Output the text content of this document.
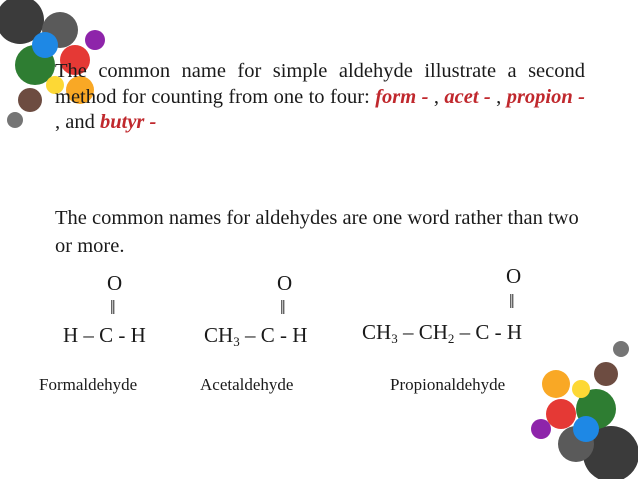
The common name for simple aldehyde illustrate a second method for counting from one to four: form - , acet - , propion - , and butyr -
The common names for aldehydes are one word rather than two or more.
O
‖
H – C - H
Formaldehyde
O
‖
$CH_3$ – C - H
Acetaldehyde
O
‖
$CH_3 - CH_2$ – C - H
Propionaldehyde
